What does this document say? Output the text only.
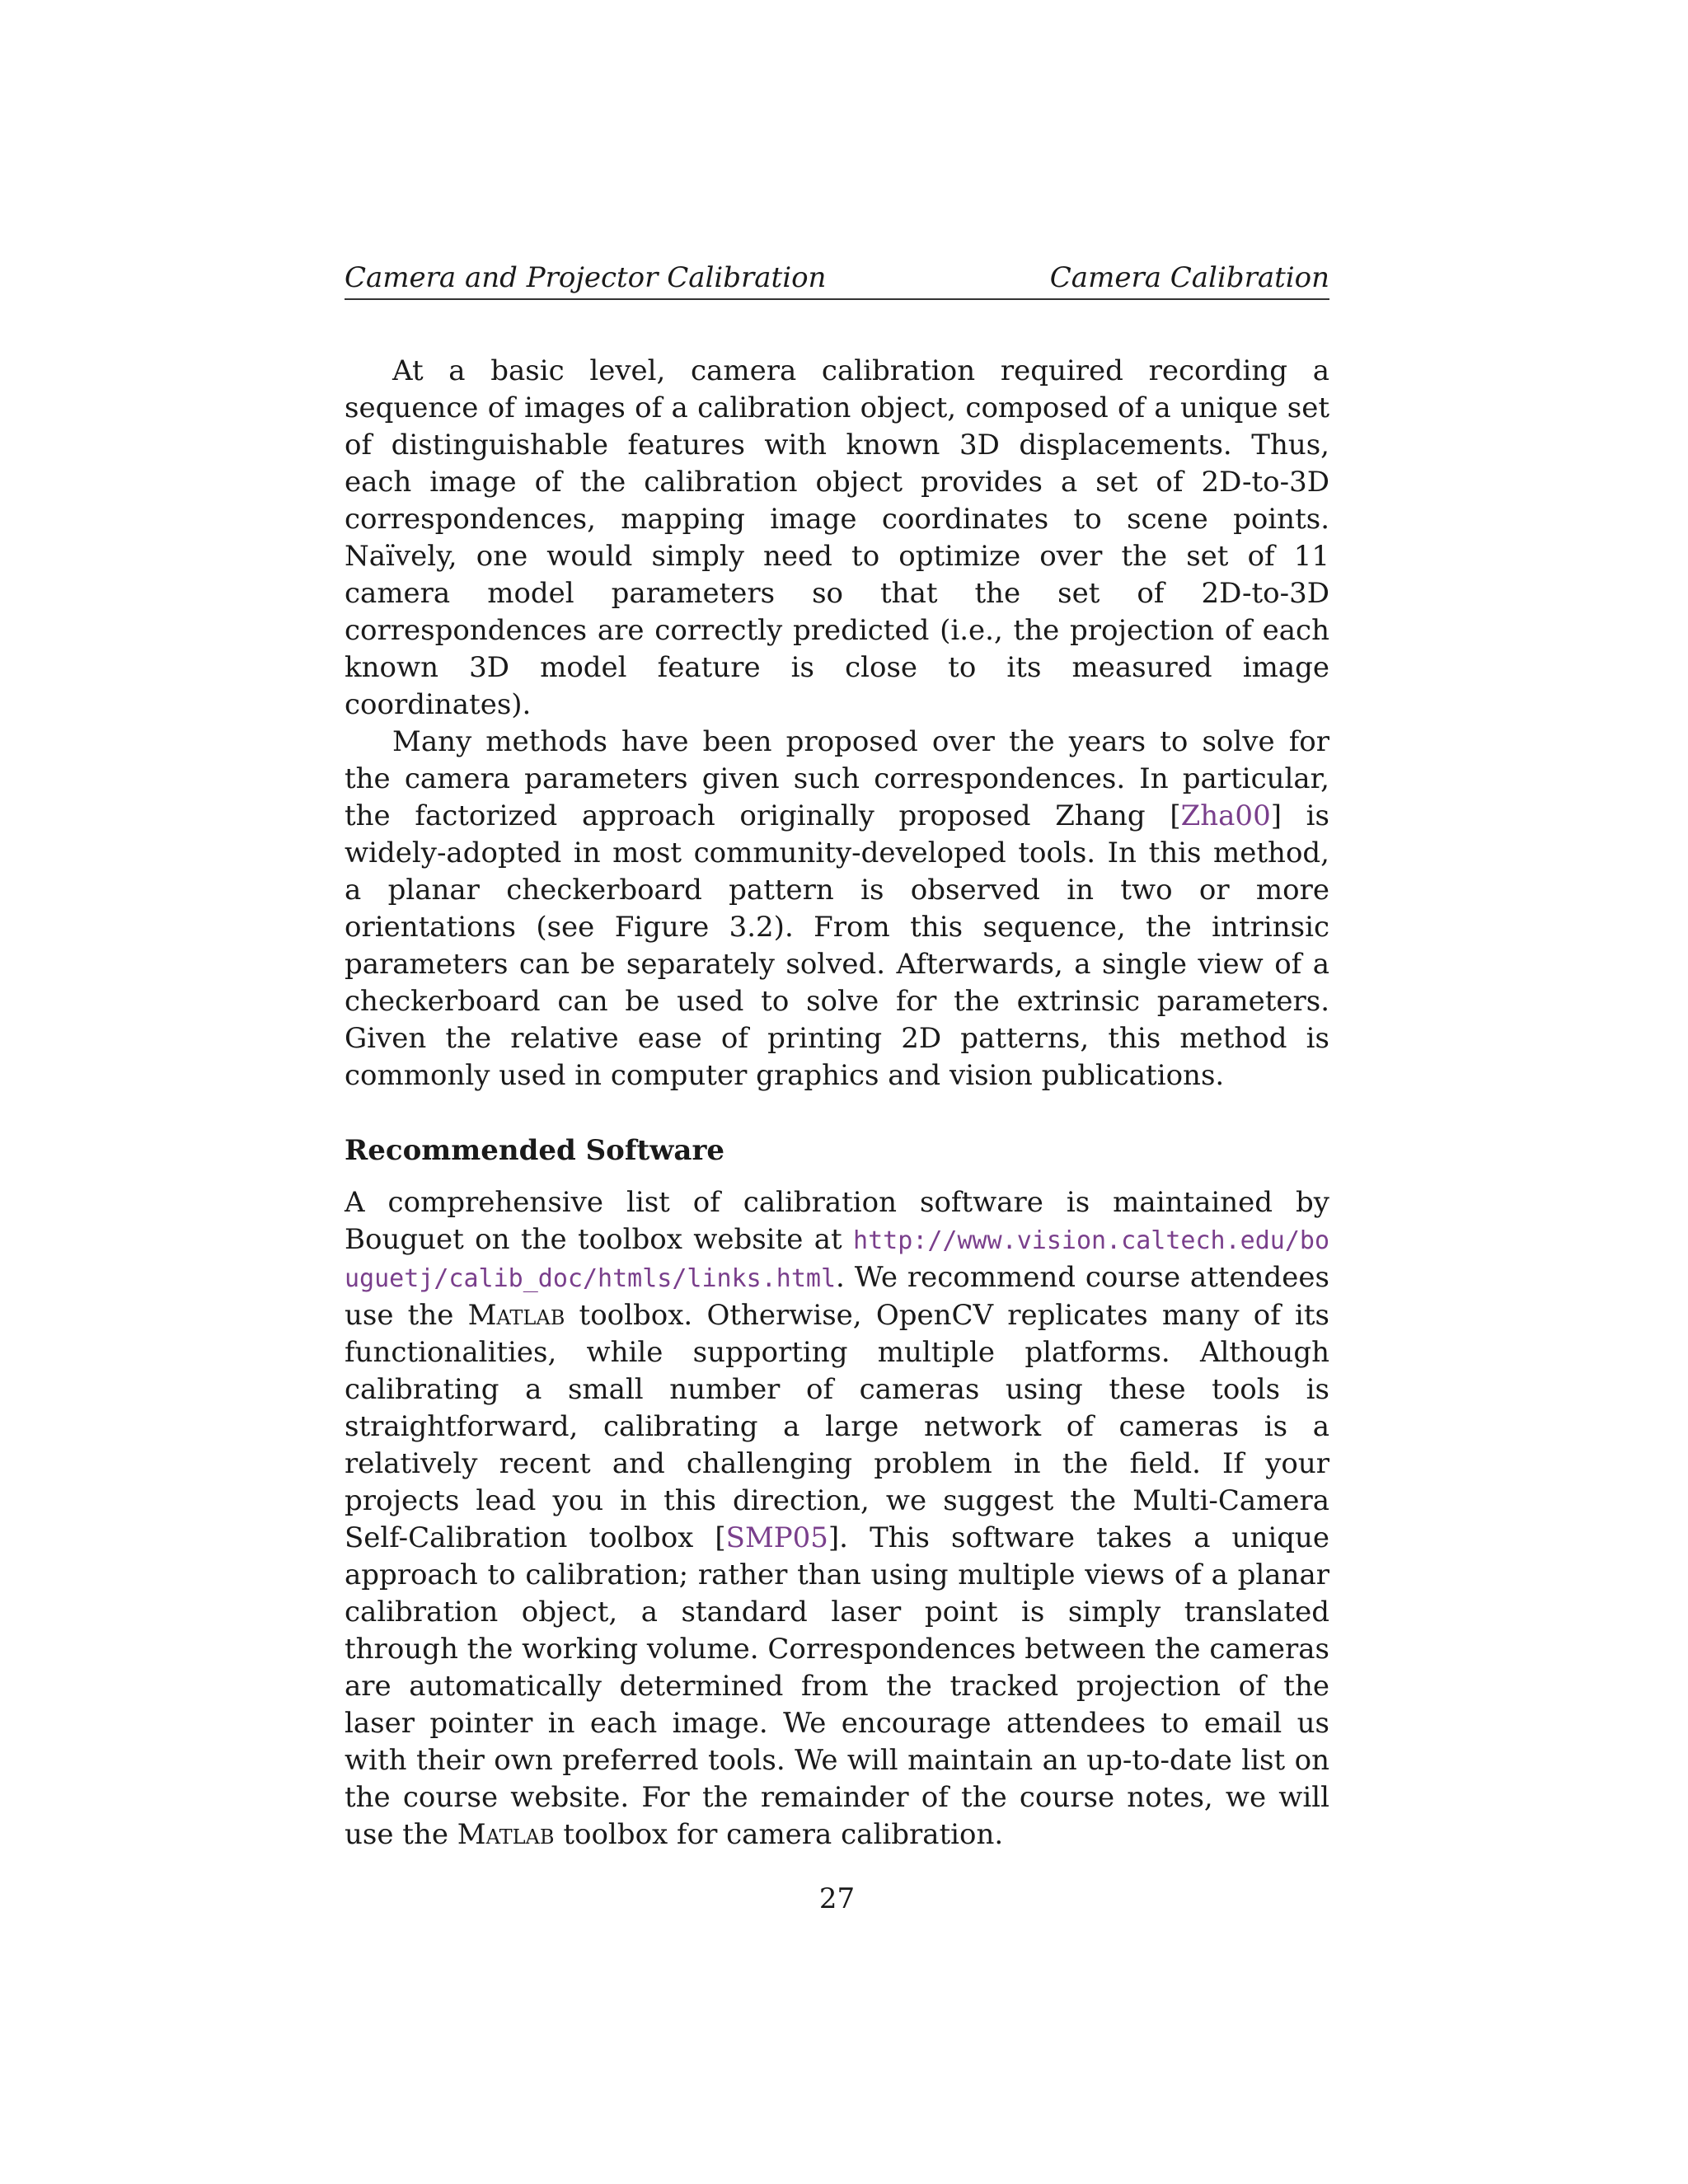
Camera and Projector Calibration	Camera Calibration

At a basic level, camera calibration required recording a sequence of images of a calibration object, composed of a unique set of distinguishable features with known 3D displacements. Thus, each image of the calibration object provides a set of 2D-to-3D correspondences, mapping image coordinates to scene points. Naïvely, one would simply need to optimize over the set of 11 camera model parameters so that the set of 2D-to-3D correspondences are correctly predicted (i.e., the projection of each known 3D model feature is close to its measured image coordinates).

Many methods have been proposed over the years to solve for the camera parameters given such correspondences. In particular, the factorized approach originally proposed Zhang [Zha00] is widely-adopted in most community-developed tools. In this method, a planar checkerboard pattern is observed in two or more orientations (see Figure 3.2). From this sequence, the intrinsic parameters can be separately solved. Afterwards, a single view of a checkerboard can be used to solve for the extrinsic parameters. Given the relative ease of printing 2D patterns, this method is commonly used in computer graphics and vision publications.

Recommended Software

A comprehensive list of calibration software is maintained by Bouguet on the toolbox website at http://www.vision.caltech.edu/bouguetj/calib_doc/htmls/links.html. We recommend course attendees use the Matlab toolbox. Otherwise, OpenCV replicates many of its functionalities, while supporting multiple platforms. Although calibrating a small number of cameras using these tools is straightforward, calibrating a large network of cameras is a relatively recent and challenging problem in the field. If your projects lead you in this direction, we suggest the Multi-Camera Self-Calibration toolbox [SMP05]. This software takes a unique approach to calibration; rather than using multiple views of a planar calibration object, a standard laser point is simply translated through the working volume. Correspondences between the cameras are automatically determined from the tracked projection of the laser pointer in each image. We encourage attendees to email us with their own preferred tools. We will maintain an up-to-date list on the course website. For the remainder of the course notes, we will use the Matlab toolbox for camera calibration.

27
